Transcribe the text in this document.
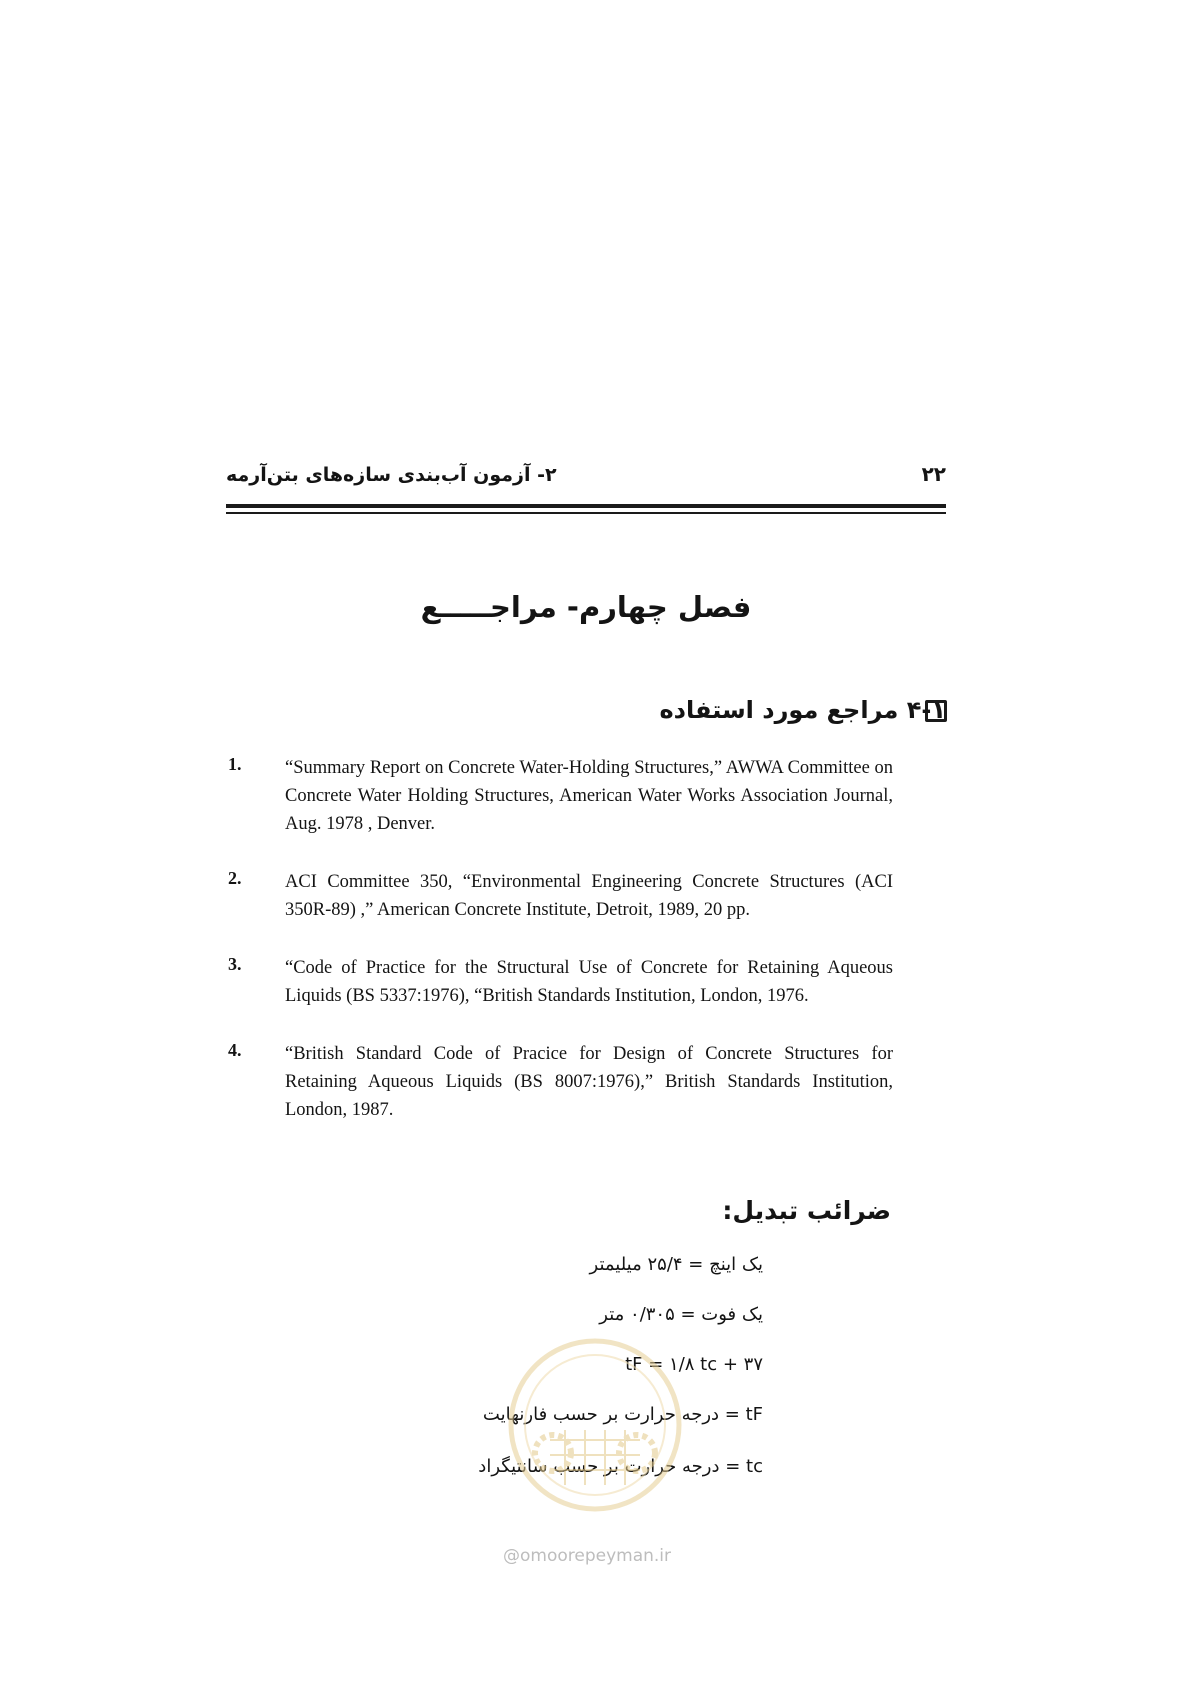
۲- آزمون آب‌بندی سازه‌های بتن‌آرمه	۲۲
فصل چهارم- مراجـــــع
۴-۱ مراجع مورد استفاده
1. “Summary Report on Concrete Water-Holding Structures,” AWWA Committee on Concrete Water Holding Structures, American Water Works Association Journal, Aug. 1978 , Denver.
2. ACI Committee 350, “Environmental Engineering Concrete Structures (ACI 350R-89) ,” American Concrete Institute, Detroit, 1989, 20 pp.
3. “Code of Practice for the Structural Use of Concrete for Retaining Aqueous Liquids (BS 5337:1976), “British Standards Institution, London, 1976.
4. “British Standard Code of Pracice for Design of Concrete Structures for Retaining Aqueous Liquids (BS 8007:1976),” British Standards Institution, London, 1987.
ضرائب تبدیل:
یک اینچ = ۲۵/۴ میلیمتر
یک فوت = ۰/۳۰۵ متر
tF = ۱/۸ tc + ۳۷
tF = درجه حرارت بر حسب فارنهایت
tc = درجه حرارت بر حسب سانتیگراد
@omoorepeyman.ir
